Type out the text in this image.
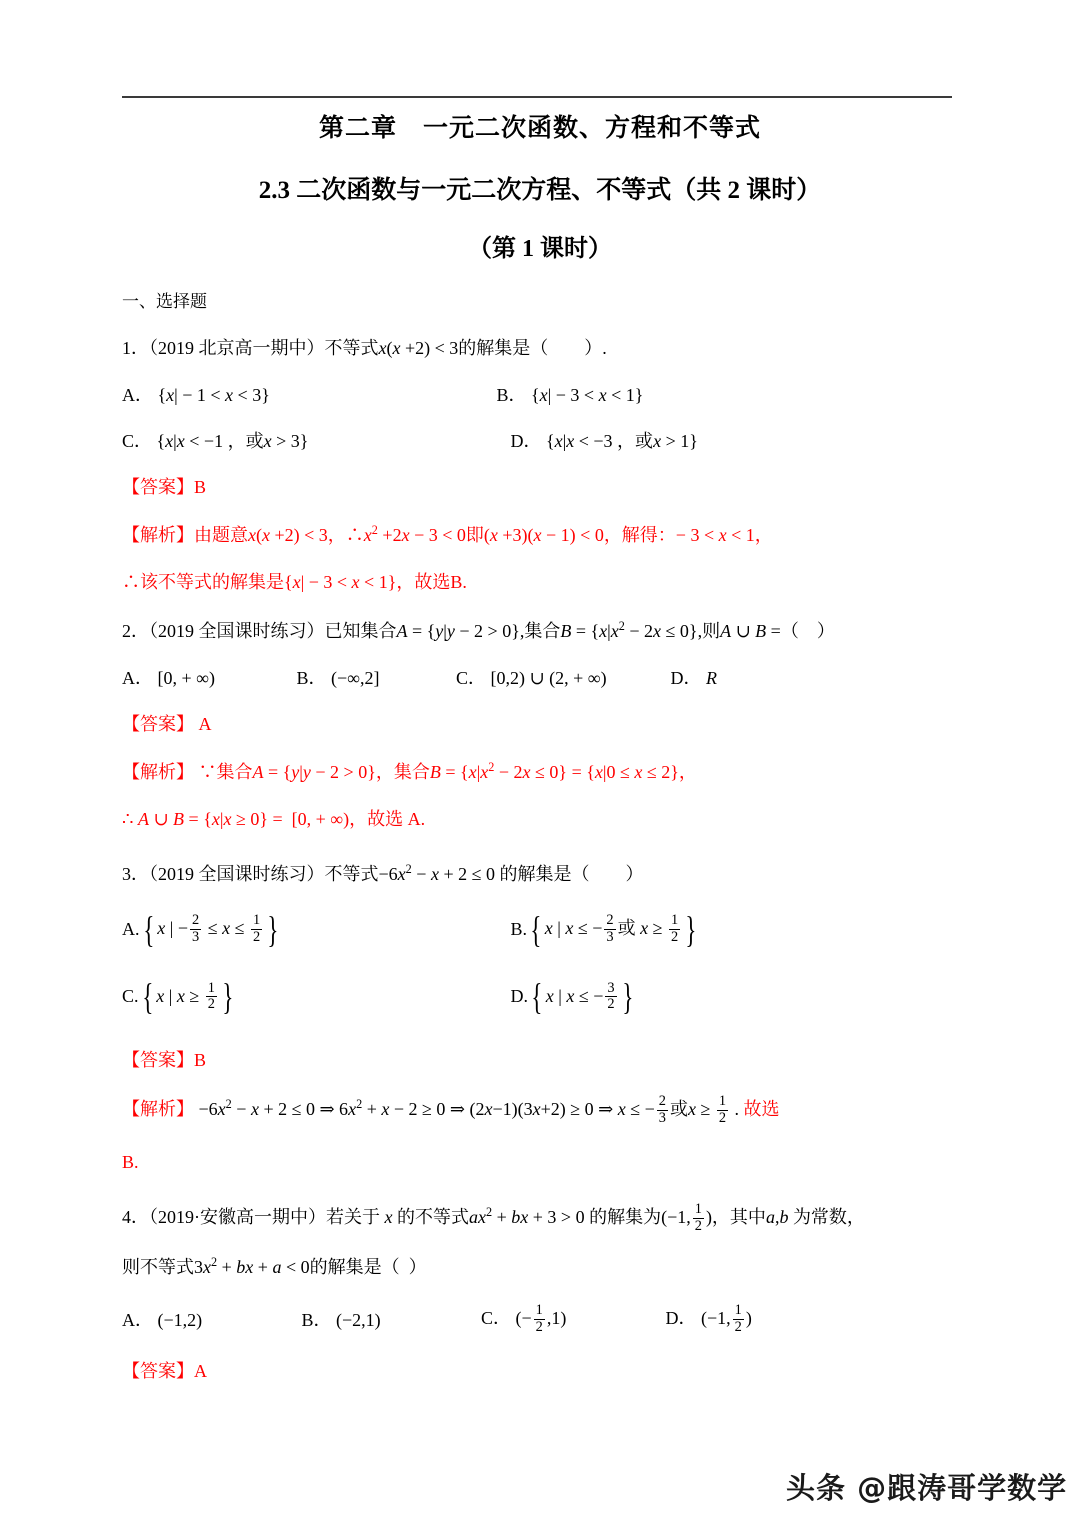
第二章　一元二次函数、方程和不等式
2.3 二次函数与一元二次方程、不等式（共 2 课时）
（第 1 课时）
一、选择题
1．（2019 北京高一期中）不等式x(x +2) < 3的解集是（　　）.
A． {x| − 1 < x < 3}	B． {x| − 3 < x < 1}
C． {x|x < −1 ，或x > 3}	D． {x|x < −3 ，或x > 1}
【答案】B
【解析】由题意x(x +2) < 3，$\therefore x^2 +2x - 3 < 0$即(x +3)(x − 1) < 0，解得：− 3 < x < 1，
∴该不等式的解集是{x| − 3 < x < 1}，故选B.
2．（2019 全国课时练习）已知集合A = {y|y − 2 > 0},集合$B = \{x|x^2 - 2x \le 0\}$,则A ∪ B =（    ）
A． [0, + ∞)	B． (−∞,2]	C． [0,2) ∪ (2, + ∞)	D． R
【答案】 A
【解析】 ∵集合A = {y|y − 2 > 0}，集合$B = \{x|x^2 - 2x \le 0\} = \{x|0 \le x \le 2\}$，
∴ A ∪ B = {x|x ≥ 0} =  [0, + ∞)，故选 A.
3．（2019 全国课时练习）不等式$-6x^2 - x + 2 \le 0$ 的解集是（　　）
A.{ x | − $\frac{2}{3} \le x \le \frac{1}{2}$ }	B.{ x | x ≤ − $\frac{2}{3}$ 或 $x \ge \frac{1}{2}$ }
C.{ x | $x \ge \frac{1}{2}$ }	D.{ x | x ≤ − $\frac{3}{2}$ }
【答案】B
【解析】 $-6x^2 - x + 2 \le 0$ ⇒ $6x^2 + x - 2 \ge 0$ ⇒ (2x−1)(3x+2) ≥ 0 ⇒ x ≤ − $\frac{2}{3}$ 或$x \ge \frac{1}{2}$ . 故选
B.
4．（2019·安徽高一期中）若关于 x 的不等式$ax^2$ + bx + 3 > 0 的解集为(−1, $\frac{1}{2}$ )，其中a,b 为常数，
则不等式$3x^2$ + bx + a < 0的解集是（  ）
A． (−1,2)	B． (−2,1)	C． (− $\frac{1}{2} ,1$)	D． (−1, $\frac{1}{2}$ )
【答案】A
头条 @跟涛哥学数学
